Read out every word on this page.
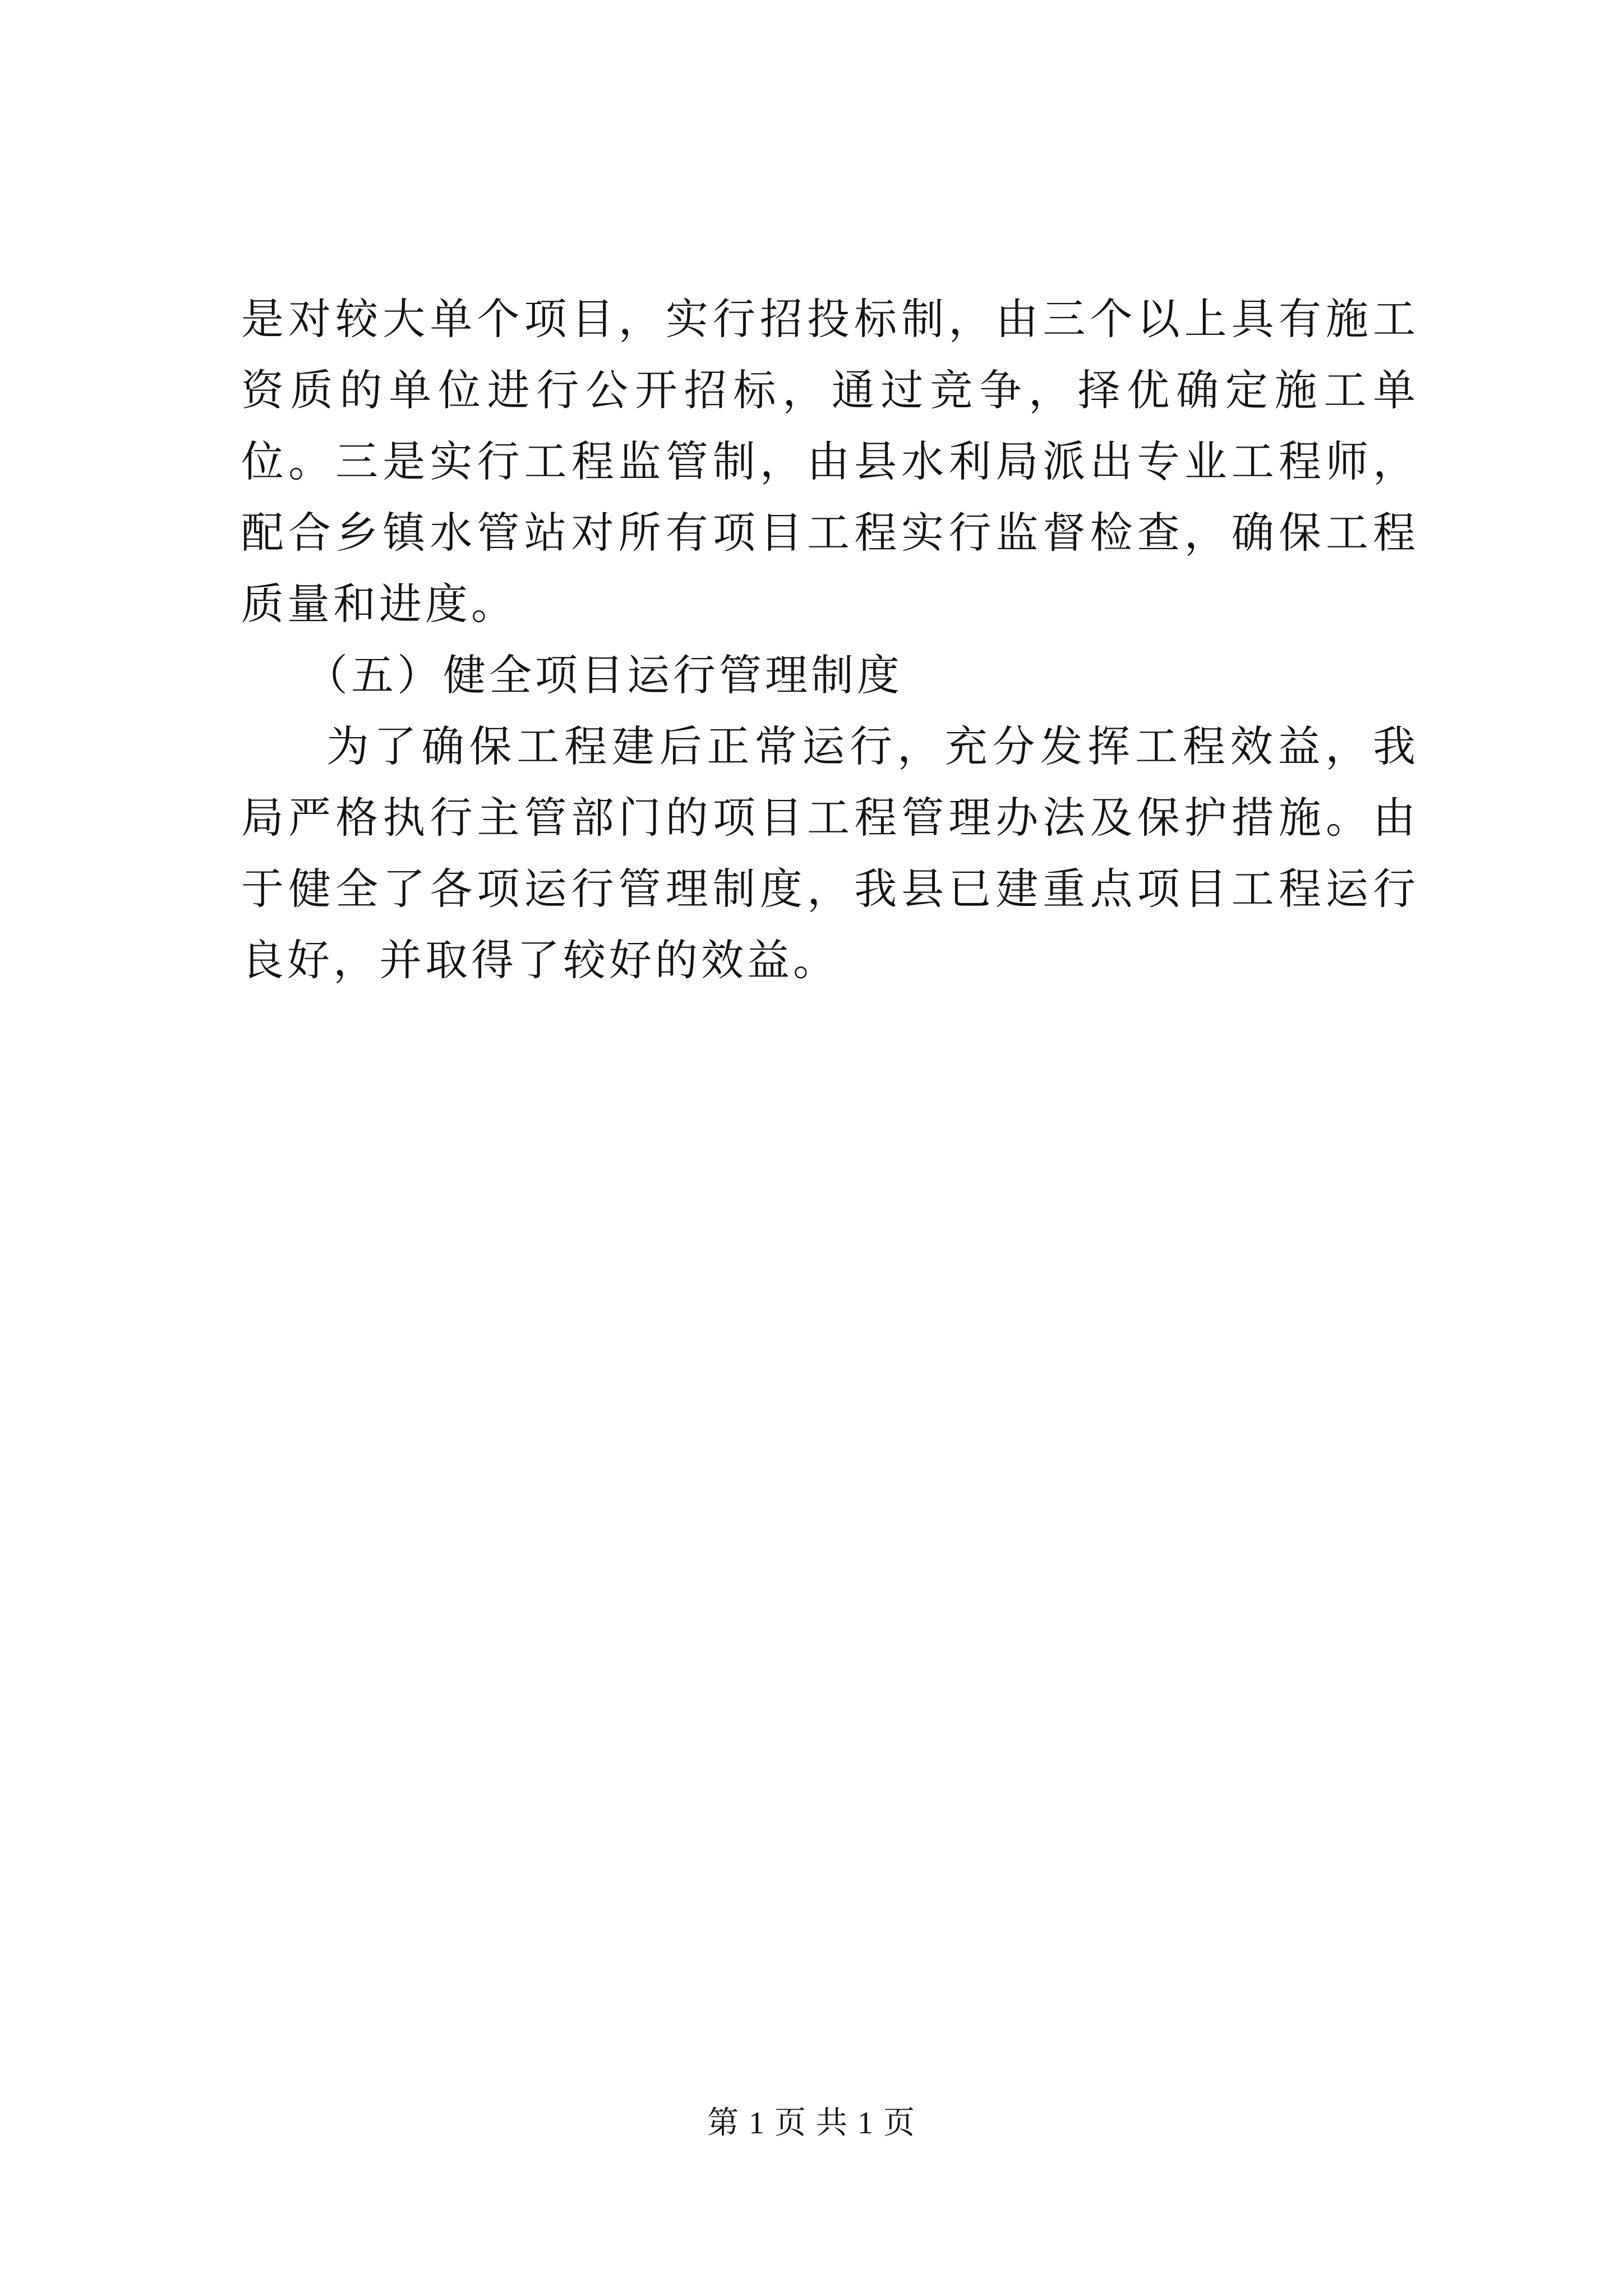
是对较大单个项目，实行招投标制，由三个以上具有施工资质的单位进行公开招标，通过竞争，择优确定施工单位。三是实行工程监管制，由县水利局派出专业工程师，配合乡镇水管站对所有项目工程实行监督检查，确保工程质量和进度。

（五）健全项目运行管理制度

为了确保工程建后正常运行，充分发挥工程效益，我局严格执行主管部门的项目工程管理办法及保护措施。由于健全了各项运行管理制度，我县已建重点项目工程运行良好，并取得了较好的效益。

第 1 页 共 1 页
